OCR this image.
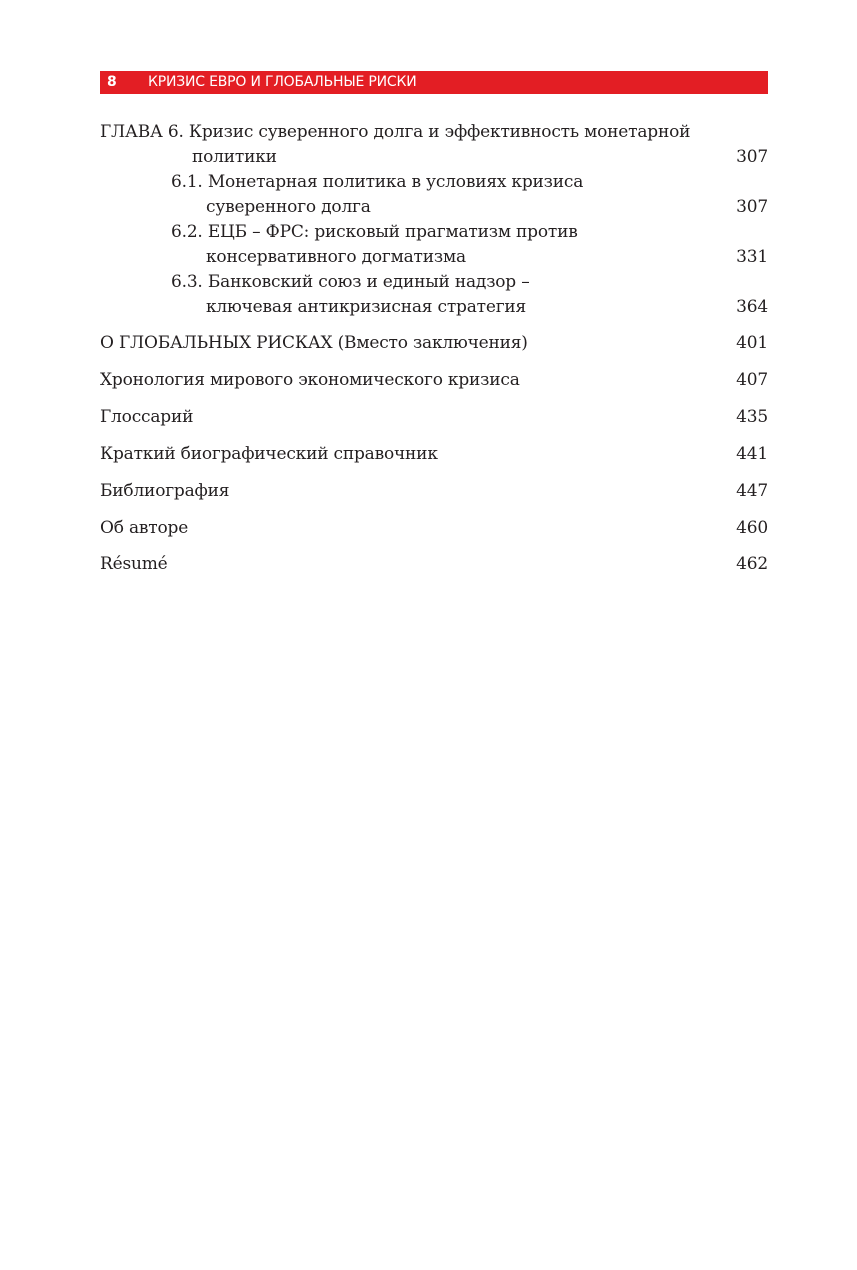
8 КРИЗИС ЕВРО И ГЛОБАЛЬНЫЕ РИСКИ
ГЛАВА 6. Кризис суверенного долга и эффективность монетарной
политики	307
6.1. Монетарная политика в условиях кризиса
суверенного долга	307
6.2. ЕЦБ – ФРС: рисковый прагматизм против
консервативного догматизма	331
6.3. Банковский союз и единый надзор –
ключевая антикризисная стратегия	364
О ГЛОБАЛЬНЫХ РИСКАХ (Вместо заключения)	401
Хронология мирового экономического кризиса	407
Глоссарий	435
Краткий биографический справочник	441
Библиография	447
Об авторе	460
Résumé	462
